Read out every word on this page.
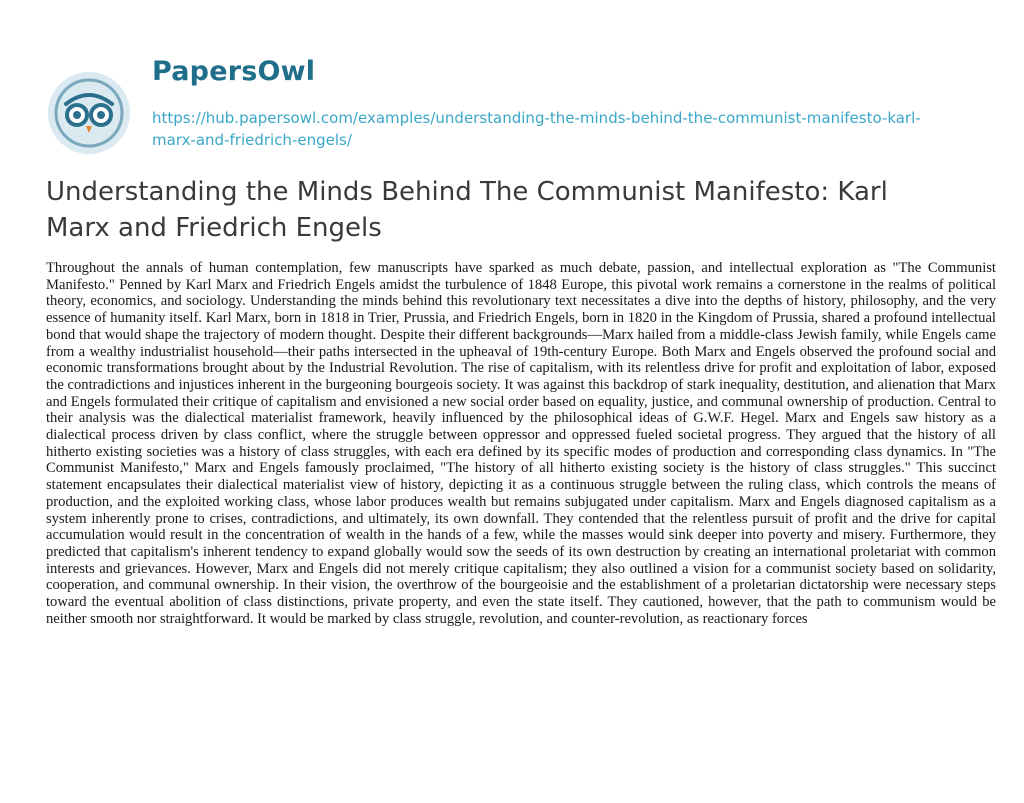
PapersOwl
https://hub.papersowl.com/examples/understanding-the-minds-behind-the-communist-manifesto-karl-marx-and-friedrich-engels/
Understanding the Minds Behind The Communist Manifesto: Karl Marx and Friedrich Engels

Throughout the annals of human contemplation, few manuscripts have sparked as much debate, passion, and intellectual exploration as "The Communist Manifesto." Penned by Karl Marx and Friedrich Engels amidst the turbulence of 1848 Europe, this pivotal work remains a cornerstone in the realms of political theory, economics, and sociology. Understanding the minds behind this revolutionary text necessitates a dive into the depths of history, philosophy, and the very essence of humanity itself. Karl Marx, born in 1818 in Trier, Prussia, and Friedrich Engels, born in 1820 in the Kingdom of Prussia, shared a profound intellectual bond that would shape the trajectory of modern thought. Despite their different backgrounds—Marx hailed from a middle-class Jewish family, while Engels came from a wealthy industrialist household—their paths intersected in the upheaval of 19th-century Europe. Both Marx and Engels observed the profound social and economic transformations brought about by the Industrial Revolution. The rise of capitalism, with its relentless drive for profit and exploitation of labor, exposed the contradictions and injustices inherent in the burgeoning bourgeois society. It was against this backdrop of stark inequality, destitution, and alienation that Marx and Engels formulated their critique of capitalism and envisioned a new social order based on equality, justice, and communal ownership of production. Central to their analysis was the dialectical materialist framework, heavily influenced by the philosophical ideas of G.W.F. Hegel. Marx and Engels saw history as a dialectical process driven by class conflict, where the struggle between oppressor and oppressed fueled societal progress. They argued that the history of all hitherto existing societies was a history of class struggles, with each era defined by its specific modes of production and corresponding class dynamics. In "The Communist Manifesto," Marx and Engels famously proclaimed, "The history of all hitherto existing society is the history of class struggles." This succinct statement encapsulates their dialectical materialist view of history, depicting it as a continuous struggle between the ruling class, which controls the means of production, and the exploited working class, whose labor produces wealth but remains subjugated under capitalism. Marx and Engels diagnosed capitalism as a system inherently prone to crises, contradictions, and ultimately, its own downfall. They contended that the relentless pursuit of profit and the drive for capital accumulation would result in the concentration of wealth in the hands of a few, while the masses would sink deeper into poverty and misery. Furthermore, they predicted that capitalism's inherent tendency to expand globally would sow the seeds of its own destruction by creating an international proletariat with common interests and grievances. However, Marx and Engels did not merely critique capitalism; they also outlined a vision for a communist society based on solidarity, cooperation, and communal ownership. In their vision, the overthrow of the bourgeoisie and the establishment of a proletarian dictatorship were necessary steps toward the eventual abolition of class distinctions, private property, and even the state itself. They cautioned, however, that the path to communism would be neither smooth nor straightforward. It would be marked by class struggle, revolution, and counter-revolution, as reactionary forces
